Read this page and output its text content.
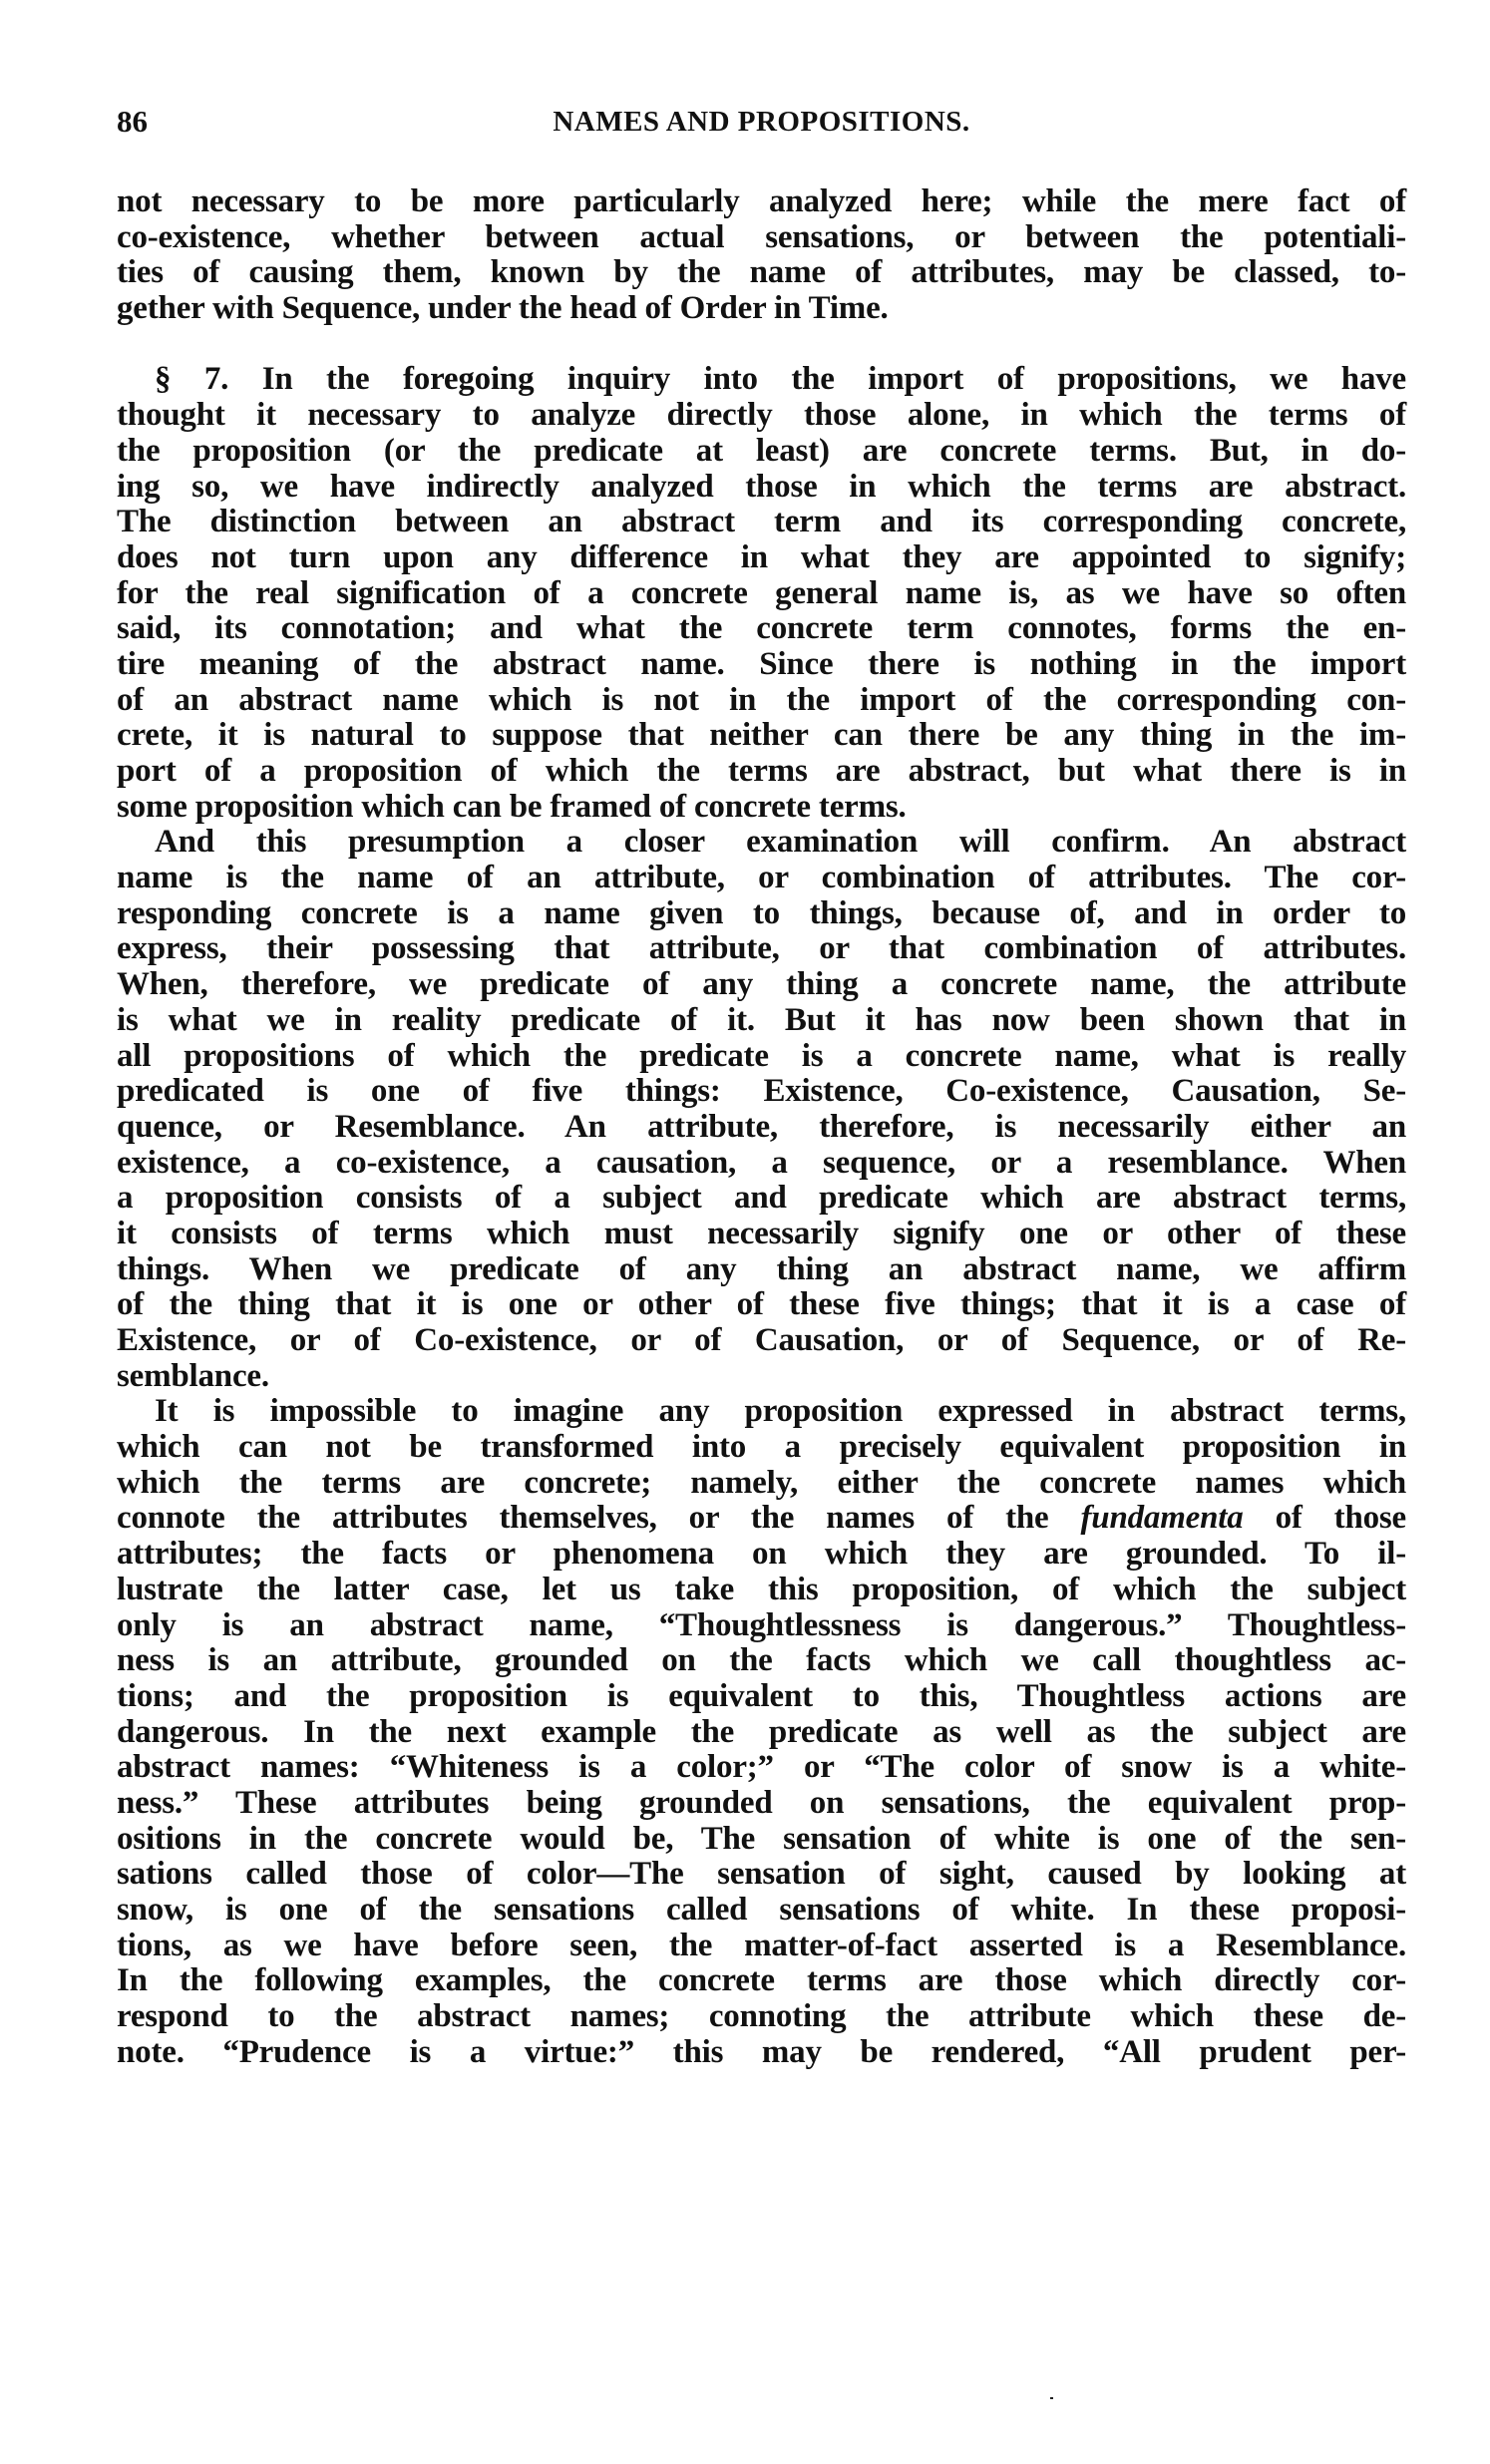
86	NAMES AND PROPOSITIONS.
not necessary to be more particularly analyzed here; while the mere fact of
co-existence, whether between actual sensations, or between the potentiali-
ties of causing them, known by the name of attributes, may be classed, to-
gether with Sequence, under the head of Order in Time.
§ 7. In the foregoing inquiry into the import of propositions, we have
thought it necessary to analyze directly those alone, in which the terms of
the proposition (or the predicate at least) are concrete terms. But, in do-
ing so, we have indirectly analyzed those in which the terms are abstract.
The distinction between an abstract term and its corresponding concrete,
does not turn upon any difference in what they are appointed to signify;
for the real signification of a concrete general name is, as we have so often
said, its connotation; and what the concrete term connotes, forms the en-
tire meaning of the abstract name. Since there is nothing in the import
of an abstract name which is not in the import of the corresponding con-
crete, it is natural to suppose that neither can there be any thing in the im-
port of a proposition of which the terms are abstract, but what there is in
some proposition which can be framed of concrete terms.
And this presumption a closer examination will confirm. An abstract
name is the name of an attribute, or combination of attributes. The cor-
responding concrete is a name given to things, because of, and in order to
express, their possessing that attribute, or that combination of attributes.
When, therefore, we predicate of any thing a concrete name, the attribute
is what we in reality predicate of it. But it has now been shown that in
all propositions of which the predicate is a concrete name, what is really
predicated is one of five things: Existence, Co-existence, Causation, Se-
quence, or Resemblance. An attribute, therefore, is necessarily either an
existence, a co-existence, a causation, a sequence, or a resemblance. When
a proposition consists of a subject and predicate which are abstract terms,
it consists of terms which must necessarily signify one or other of these
things. When we predicate of any thing an abstract name, we affirm
of the thing that it is one or other of these five things; that it is a case of
Existence, or of Co-existence, or of Causation, or of Sequence, or of Re-
semblance.
It is impossible to imagine any proposition expressed in abstract terms,
which can not be transformed into a precisely equivalent proposition in
which the terms are concrete; namely, either the concrete names which
connote the attributes themselves, or the names of the fundamenta of those
attributes; the facts or phenomena on which they are grounded. To il-
lustrate the latter case, let us take this proposition, of which the subject
only is an abstract name, “Thoughtlessness is dangerous.” Thoughtless-
ness is an attribute, grounded on the facts which we call thoughtless ac-
tions; and the proposition is equivalent to this, Thoughtless actions are
dangerous. In the next example the predicate as well as the subject are
abstract names: “Whiteness is a color;” or “The color of snow is a white-
ness.” These attributes being grounded on sensations, the equivalent prop-
ositions in the concrete would be, The sensation of white is one of the sen-
sations called those of color—The sensation of sight, caused by looking at
snow, is one of the sensations called sensations of white. In these proposi-
tions, as we have before seen, the matter-of-fact asserted is a Resemblance.
In the following examples, the concrete terms are those which directly cor-
respond to the abstract names; connoting the attribute which these de-
note. “Prudence is a virtue:” this may be rendered, “All prudent per-
